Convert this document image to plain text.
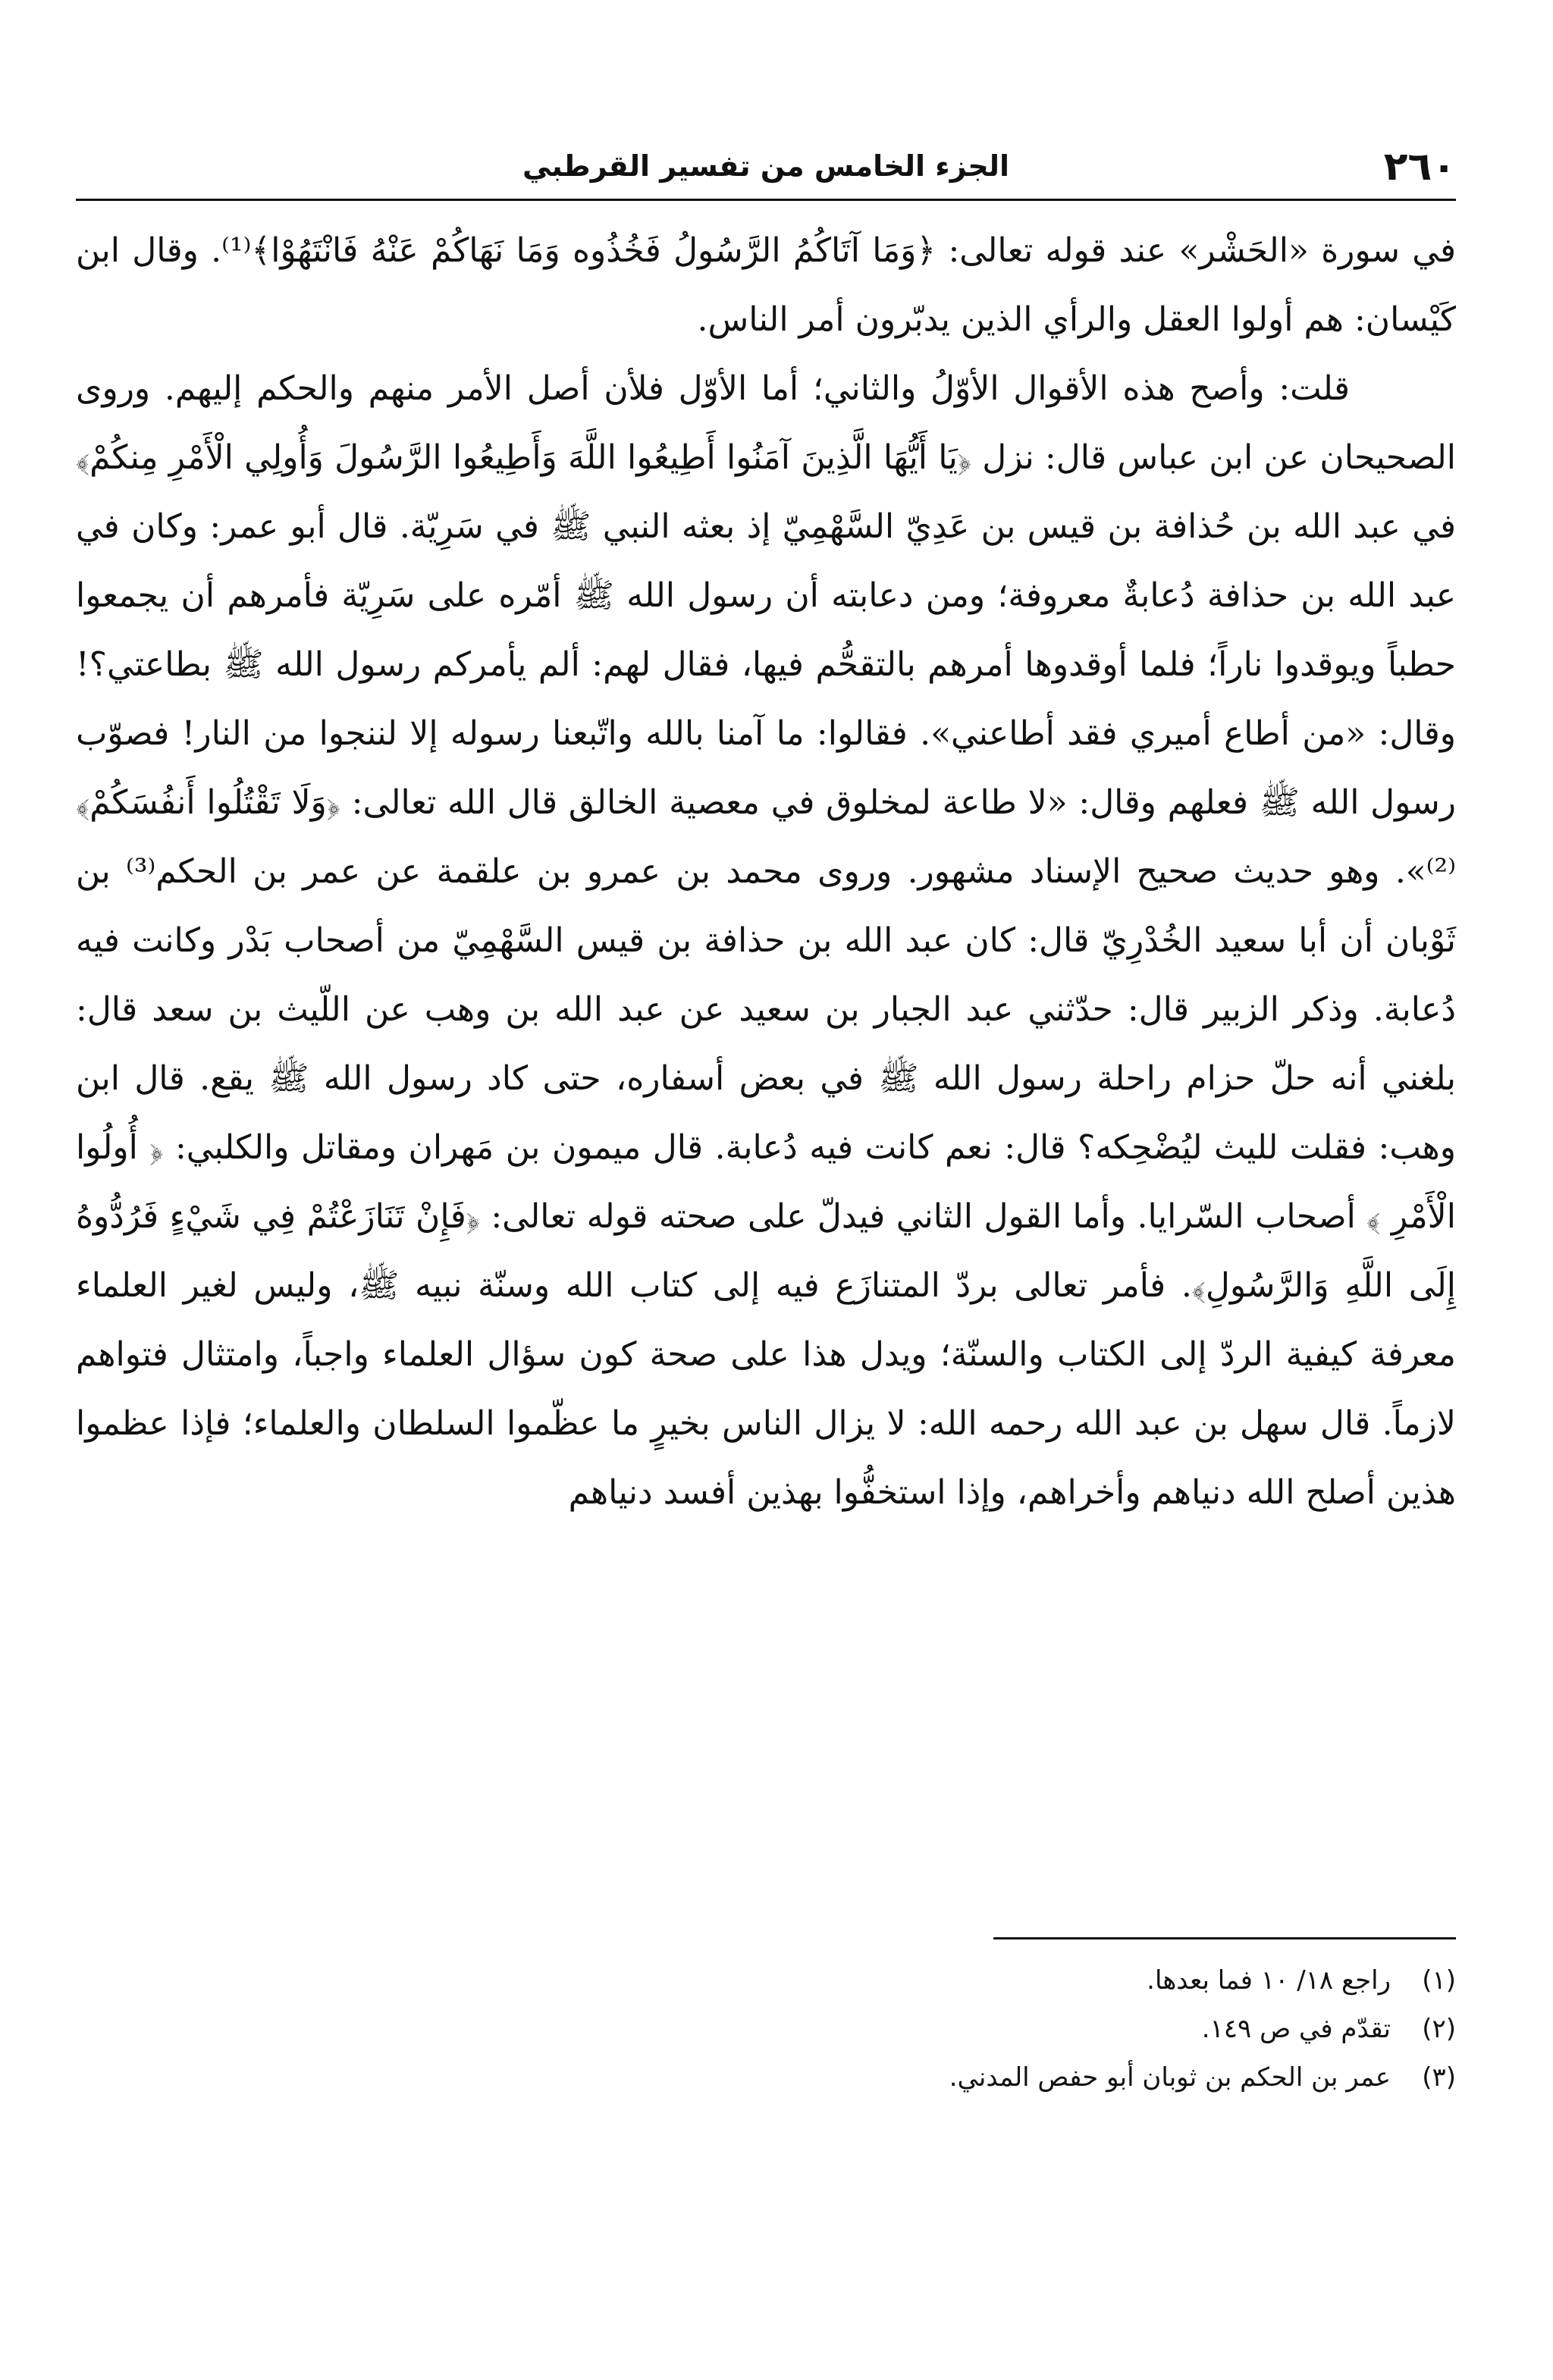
٢٦٠
الجزء الخامس من تفسير القرطبي

في سورة «الحَشْر» عند قوله تعالى: ﴿وَمَا آتَاكُمُ الرَّسُولُ فَخُذُوه وَمَا نَهَاكُمْ عَنْهُ فَانْتَهُوْا﴾⁽¹⁾. وقال ابن كَيْسان: هم أولوا العقل والرأي الذين يدبّرون أمر الناس.

قلت: وأصح هذه الأقوال الأوّلُ والثاني؛ أما الأوّل فلأن أصل الأمر منهم والحكم إليهم. وروى الصحيحان عن ابن عباس قال: نزل ﴿يَا أَيُّهَا الَّذِينَ آمَنُوا أَطِيعُوا اللَّهَ وَأَطِيعُوا الرَّسُولَ وَأُولِي الْأَمْرِ مِنكُمْ﴾ في عبد الله بن حُذافة بن قيس بن عَدِيّ السَّهْمِيّ إذ بعثه النبي ﷺ في سَرِيّة. قال أبو عمر: وكان في عبد الله بن حذافة دُعابةٌ معروفة؛ ومن دعابته أن رسول الله ﷺ أمّره على سَرِيّة فأمرهم أن يجمعوا حطباً ويوقدوا ناراً؛ فلما أوقدوها أمرهم بالتقحُّم فيها، فقال لهم: ألم يأمركم رسول الله ﷺ بطاعتي؟! وقال: «من أطاع أميري فقد أطاعني». فقالوا: ما آمنا بالله واتّبعنا رسوله إلا لننجوا من النار! فصوّب رسول الله ﷺ فعلهم وقال: «لا طاعة لمخلوق في معصية الخالق قال الله تعالى: ﴿وَلَا تَقْتُلُوا أَنفُسَكُمْ﴾⁽²⁾». وهو حديث صحيح الإسناد مشهور. وروى محمد بن عمرو بن علقمة عن عمر بن الحكم⁽³⁾ بن ثَوْبان أن أبا سعيد الخُدْرِيّ قال: كان عبد الله بن حذافة بن قيس السَّهْمِيّ من أصحاب بَدْر وكانت فيه دُعابة. وذكر الزبير قال: حدّثني عبد الجبار بن سعيد عن عبد الله بن وهب عن اللّيث بن سعد قال: بلغني أنه حلّ حزام راحلة رسول الله ﷺ في بعض أسفاره، حتى كاد رسول الله ﷺ يقع. قال ابن وهب: فقلت لليث ليُضْحِكه؟ قال: نعم كانت فيه دُعابة. قال ميمون بن مَهران ومقاتل والكلبي: ﴿ أُولُوا الْأَمْرِ ﴾ أصحاب السّرايا. وأما القول الثاني فيدلّ على صحته قوله تعالى: ﴿فَإِنْ تَنَازَعْتُمْ فِي شَيْءٍ فَرُدُّوهُ إِلَى اللَّهِ وَالرَّسُولِ﴾. فأمر تعالى بردّ المتنازَع فيه إلى كتاب الله وسنّة نبيه ﷺ، وليس لغير العلماء معرفة كيفية الردّ إلى الكتاب والسنّة؛ ويدل هذا على صحة كون سؤال العلماء واجباً، وامتثال فتواهم لازماً. قال سهل بن عبد الله رحمه الله: لا يزال الناس بخيرٍ ما عظّموا السلطان والعلماء؛ فإذا عظموا هذين أصلح الله دنياهم وأخراهم، وإذا استخفُّوا بهذين أفسد دنياهم

(١)
راجع ١٨/ ١٠ فما بعدها.
(٢)
تقدّم في ص ١٤٩.
(٣)
عمر بن الحكم بن ثوبان أبو حفص المدني.
